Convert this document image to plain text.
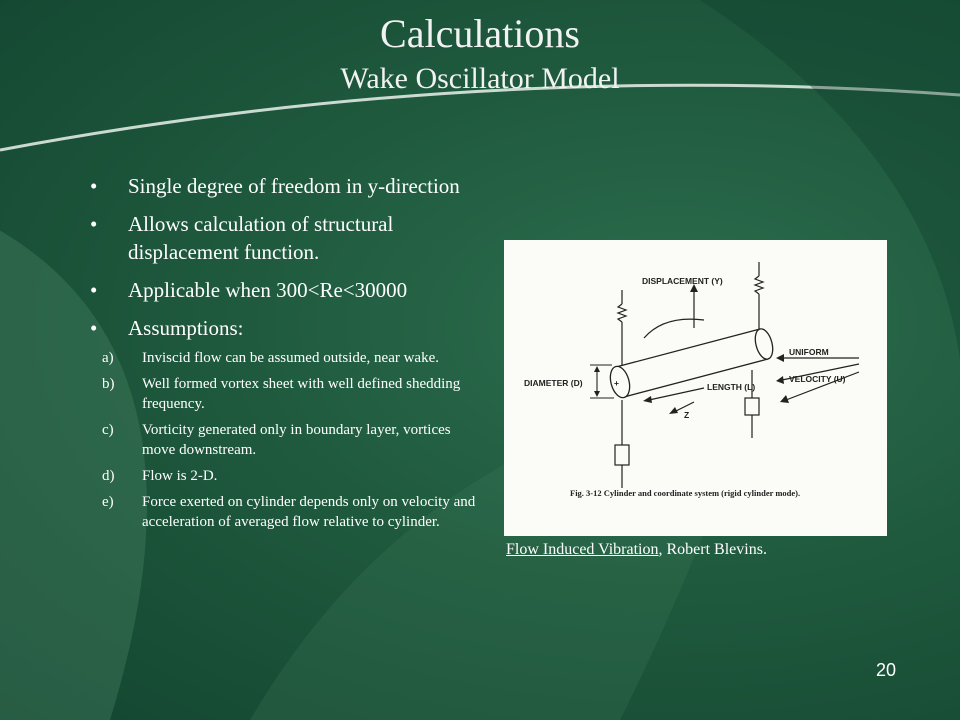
Calculations
Wake Oscillator Model
• Single degree of freedom in y-direction
• Allows calculation of structural displacement function.
• Applicable when 300<Re<30000
• Assumptions:
a) Inviscid flow can be assumed outside, near wake.
b) Well formed vortex sheet with well defined shedding frequency.
c) Vorticity generated only in boundary layer, vortices move downstream.
d) Flow is 2-D.
e) Force exerted on cylinder depends only on velocity and acceleration of averaged flow relative to cylinder.
+
DISPLACEMENT (Y)
UNIFORM
VELOCITY (U)
LENGTH (L)
Z
DIAMETER (D)
Fig. 3-12 Cylinder and coordinate system (rigid cylinder mode).
Flow Induced Vibration, Robert Blevins.
20
